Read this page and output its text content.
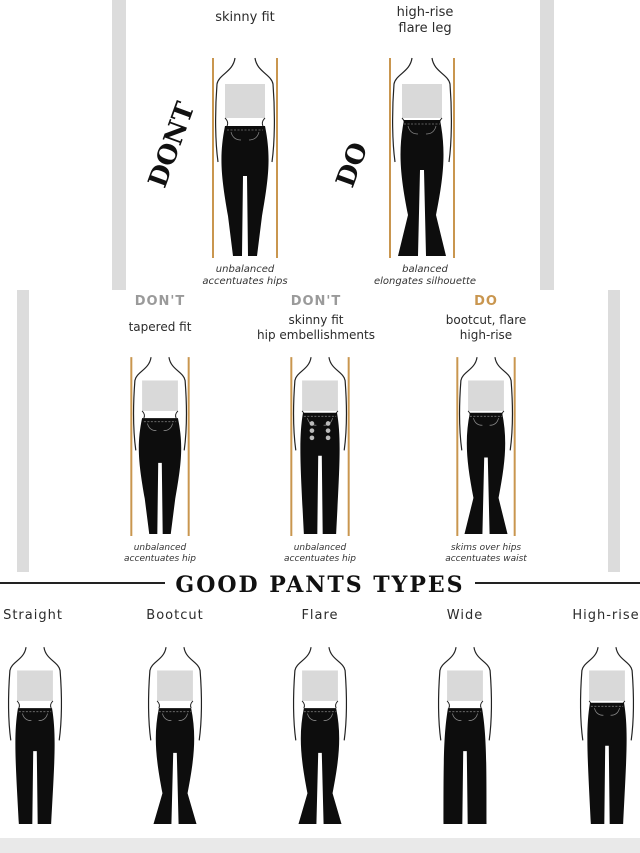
skinny fit	high-rise
flare leg
DONT	DO
unbalanced
accentuates hips
balanced
elongates silhouette
DON'T	DON'T	DO
tapered fit	skinny fit
hip embellishments
bootcut, flare
high-rise
unbalanced
accentuates hip
unbalanced
accentuates hip
skims over hips
accentuates waist
GOOD PANTS TYPES
Straight	Bootcut	Flare	Wide	High-rise
